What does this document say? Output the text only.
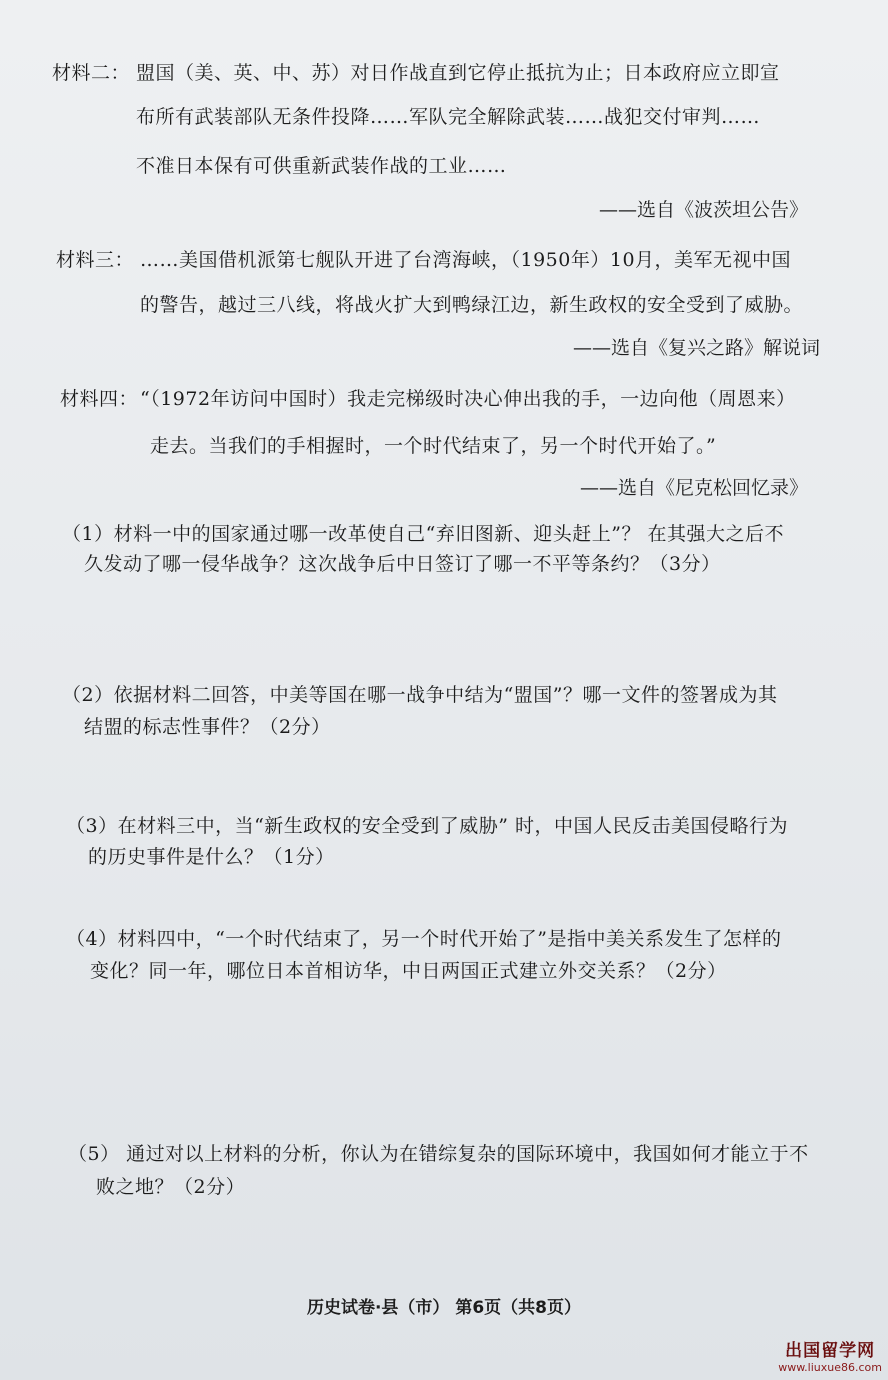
材料二： 盟国（美、英、中、苏）对日作战直到它停止抵抗为止；日本政府应立即宣
布所有武装部队无条件投降……军队完全解除武装……战犯交付审判……
不准日本保有可供重新武装作战的工业……
——选自《波茨坦公告》
材料三： ……美国借机派第七舰队开进了台湾海峡，（1950年）10月，美军无视中国
的警告，越过三八线，将战火扩大到鸭绿江边，新生政权的安全受到了威胁。
——选自《复兴之路》解说词
材料四： “（1972年访问中国时）我走完梯级时决心伸出我的手，一边向他（周恩来）
走去。当我们的手相握时，一个时代结束了，另一个时代开始了。”
——选自《尼克松回忆录》
（1）材料一中的国家通过哪一改革使自己“弃旧图新、迎头赶上”？ 在其强大之后不
久发动了哪一侵华战争？这次战争后中日签订了哪一不平等条约？（3分）
（2）依据材料二回答，中美等国在哪一战争中结为“盟国”？哪一文件的签署成为其
结盟的标志性事件？（2分）
（3）在材料三中，当“新生政权的安全受到了威胁” 时，中国人民反击美国侵略行为
的历史事件是什么？（1分）
（4）材料四中，“一个时代结束了，另一个时代开始了”是指中美关系发生了怎样的
变化？同一年，哪位日本首相访华，中日两国正式建立外交关系？（2分）
（5） 通过对以上材料的分析，你认为在错综复杂的国际环境中，我国如何才能立于不
败之地？（2分）
历史试卷·县（市） 第6页（共8页）
出国留学网
www.liuxue86.com
